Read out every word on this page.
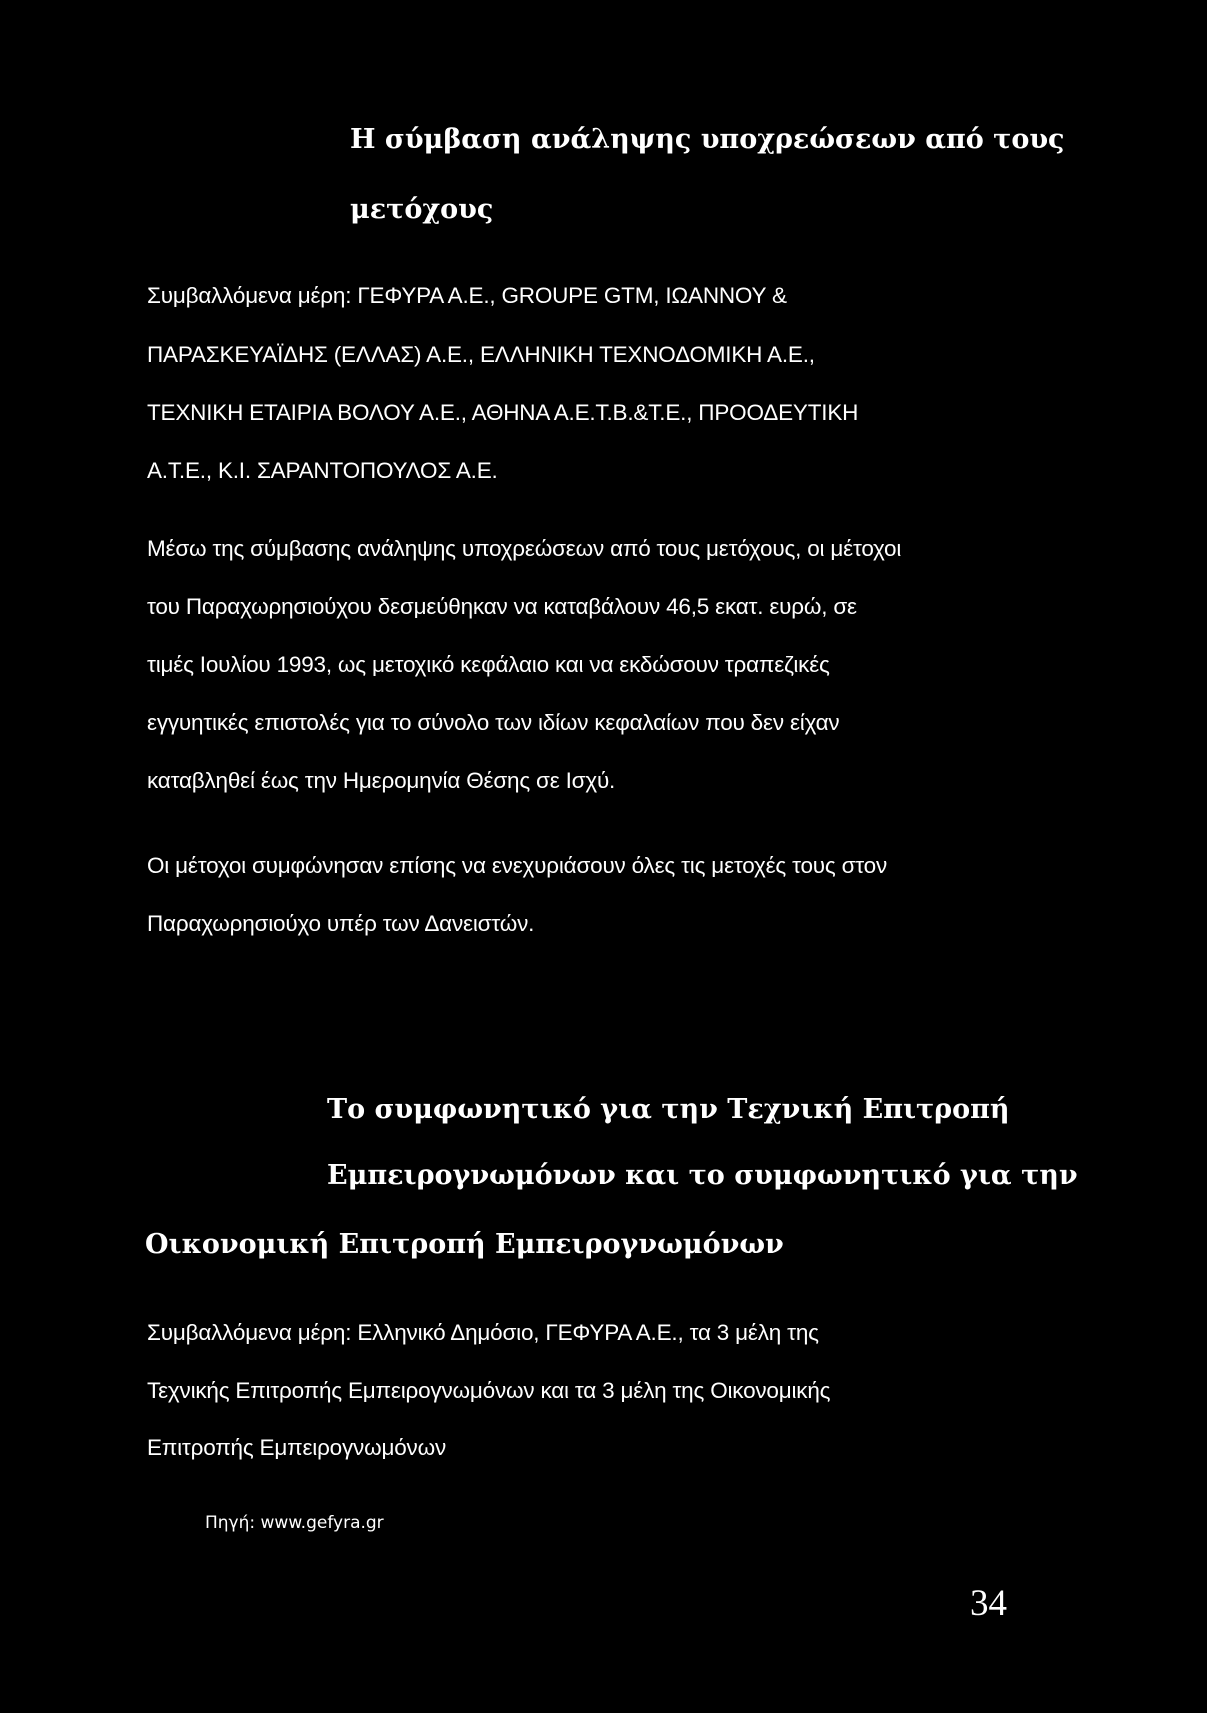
Η σύμβαση ανάληψης υποχρεώσεων από τους
μετόχους
Συμβαλλόμενα μέρη: ΓΕΦΥΡΑ Α.Ε., GROUPE GTM, ΙΩΑΝΝΟΥ &
ΠΑΡΑΣΚΕΥΑΪΔΗΣ (ΕΛΛΑΣ) Α.Ε., ΕΛΛΗΝΙΚΗ ΤΕΧΝΟΔΟΜΙΚΗ Α.Ε.,
ΤΕΧΝΙΚΗ ΕΤΑΙΡΙΑ ΒΟΛΟΥ Α.Ε., ΑΘΗΝΑ Α.Ε.Τ.Β.&Τ.Ε., ΠΡΟΟΔΕΥΤΙΚΗ
Α.Τ.Ε., Κ.Ι. ΣΑΡΑΝΤΟΠΟΥΛΟΣ Α.Ε.
Μέσω της σύμβασης ανάληψης υποχρεώσεων από τους μετόχους, οι μέτοχοι
του Παραχωρησιούχου δεσμεύθηκαν να καταβάλουν 46,5 εκατ. ευρώ, σε
τιμές Ιουλίου 1993, ως μετοχικό κεφάλαιο και να εκδώσουν τραπεζικές
εγγυητικές επιστολές για το σύνολο των ιδίων κεφαλαίων που δεν είχαν
καταβληθεί έως την Ημερομηνία Θέσης σε Ισχύ.
Οι μέτοχοι συμφώνησαν επίσης να ενεχυριάσουν όλες τις μετοχές τους στον
Παραχωρησιούχο υπέρ των Δανειστών.
Το συμφωνητικό για την Τεχνική Επιτροπή
Εμπειρογνωμόνων και το συμφωνητικό για την
Οικονομική Επιτροπή Εμπειρογνωμόνων
Συμβαλλόμενα μέρη: Ελληνικό Δημόσιο, ΓΕΦΥΡΑ Α.Ε., τα 3 μέλη της
Τεχνικής Επιτροπής Εμπειρογνωμόνων και τα 3 μέλη της Οικονομικής
Επιτροπής Εμπειρογνωμόνων
Πηγή: www.gefyra.gr
34
